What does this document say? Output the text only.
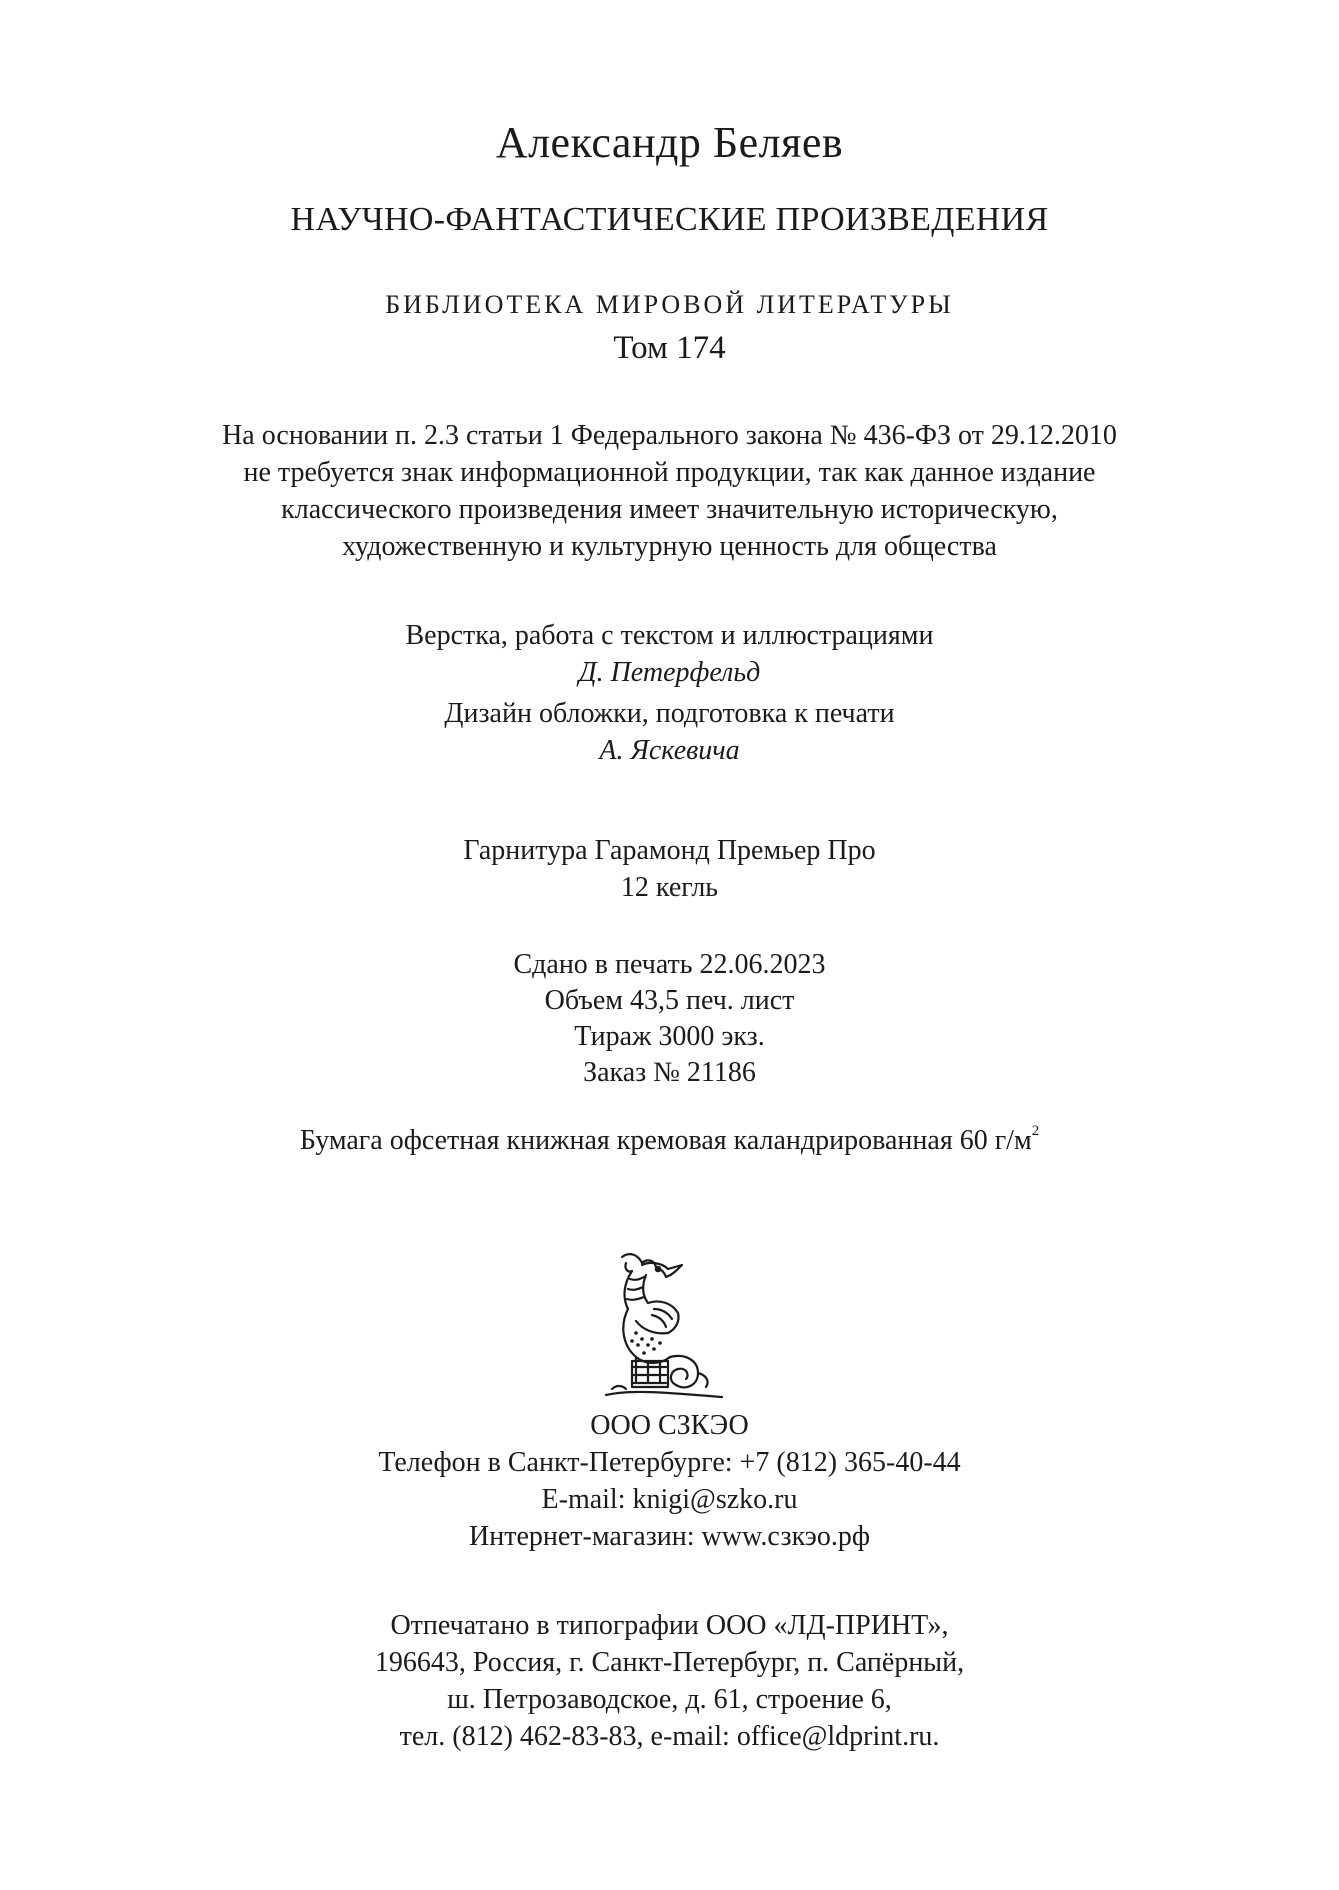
Александр Беляев

НАУЧНО-ФАНТАСТИЧЕСКИЕ ПРОИЗВЕДЕНИЯ

БИБЛИОТЕКА МИРОВОЙ ЛИТЕРАТУРЫ

Том 174

На основании п. 2.3 статьи 1 Федерального закона № 436-ФЗ от 29.12.2010

не требуется знак информационной продукции, так как данное издание

классического произведения имеет значительную историческую,

художественную и культурную ценность для общества

Верстка, работа с текстом и иллюстрациями

Д. Петерфельд

Дизайн обложки, подготовка к печати

А. Яскевича

Гарнитура Гарамонд Премьер Про

12 кегль

Сдано в печать 22.06.2023

Объем 43,5 печ. лист

Тираж 3000 экз.

Заказ № 21186

Бумага офсетная книжная кремовая каландрированная 60 $г/м^2$

ООО СЗКЭО

Телефон в Санкт-Петербурге: +7 (812) 365-40-44

E-mail: knigi@szko.ru

Интернет-магазин: www.сзкэо.рф

Отпечатано в типографии ООО «ЛД-ПРИНТ»,

196643, Россия, г. Санкт-Петербург, п. Сапёрный,

ш. Петрозаводское, д. 61, строение 6,

тел. (812) 462-83-83, e-mail: office@ldprint.ru.
